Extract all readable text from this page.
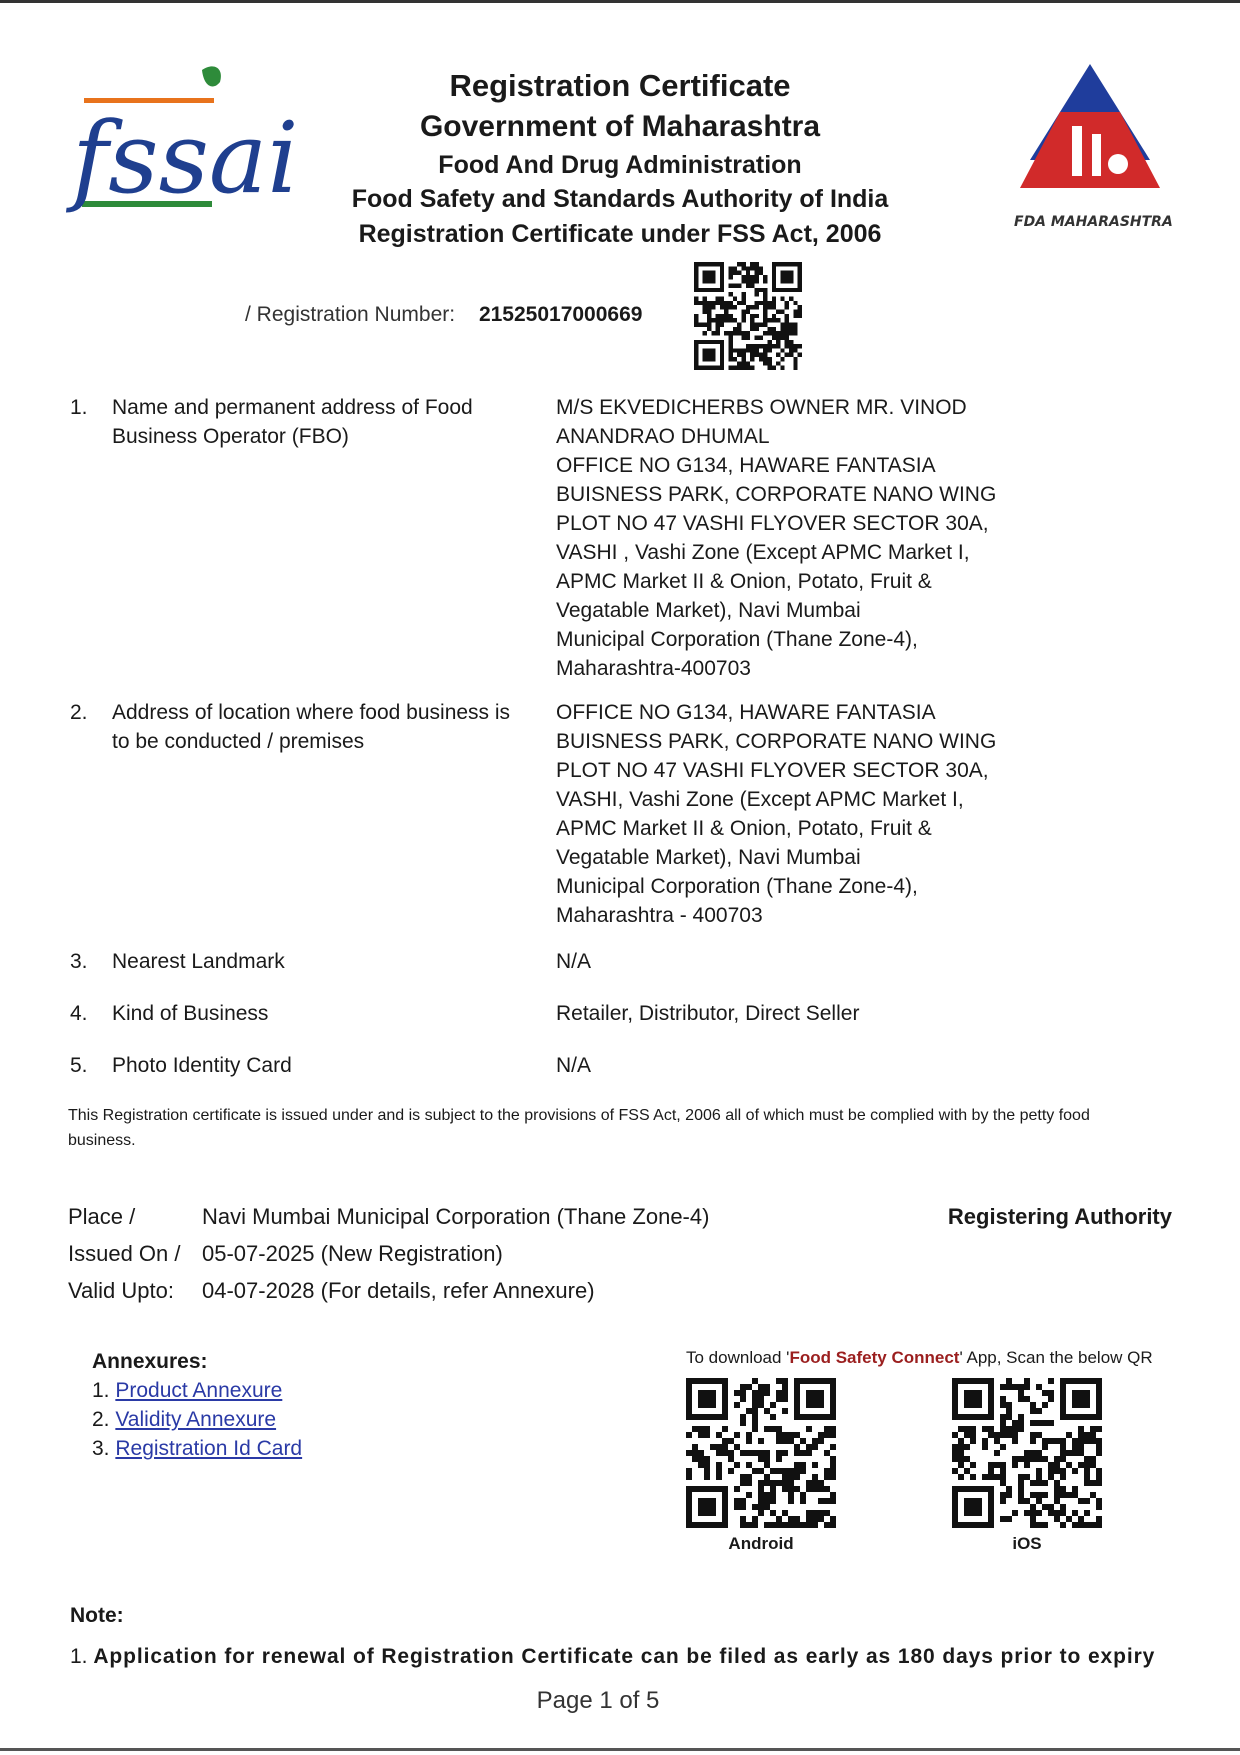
fssai
Registration Certificate
Government of Maharashtra
Food And Drug Administration
Food Safety and Standards Authority of India
Registration Certificate under FSS Act, 2006	FDA MAHARASHTRA
/ Registration Number: 21525017000669
1.	Name and permanent address of Food Business Operator (FBO)
M/S EKVEDICHERBS OWNER MR. VINOD
ANANDRAO DHUMAL
OFFICE NO G134, HAWARE FANTASIA
BUISNESS PARK, CORPORATE NANO WING
PLOT NO 47 VASHI FLYOVER SECTOR 30A,
VASHI , Vashi Zone (Except APMC Market I,
APMC Market II & Onion, Potato, Fruit &
Vegatable Market), Navi Mumbai
Municipal Corporation (Thane Zone-4),
Maharashtra-400703
2.	Address of location where food business is to be conducted / premises
OFFICE NO G134, HAWARE FANTASIA
BUISNESS PARK, CORPORATE NANO WING
PLOT NO 47 VASHI FLYOVER SECTOR 30A,
VASHI, Vashi Zone (Except APMC Market I,
APMC Market II & Onion, Potato, Fruit &
Vegatable Market), Navi Mumbai
Municipal Corporation (Thane Zone-4),
Maharashtra - 400703
3.	Nearest Landmark	N/A
4.	Kind of Business	Retailer, Distributor, Direct Seller
5.	Photo Identity Card	N/A
This Registration certificate is issued under and is subject to the provisions of FSS Act, 2006 all of which must be complied with by the petty food business.
Place /	Navi Mumbai Municipal Corporation (Thane Zone-4)
Issued On / 05-07-2025 (New Registration)
Valid Upto:	04-07-2028 (For details, refer Annexure)
Registering Authority
Annexures:
1. Product Annexure
2. Validity Annexure
3. Registration Id Card
To download 'Food Safety Connect' App, Scan the below QR
Android	iOS
Note:
1. Application for renewal of Registration Certificate can be filed as early as 180 days prior to expiry
Page 1 of 5
